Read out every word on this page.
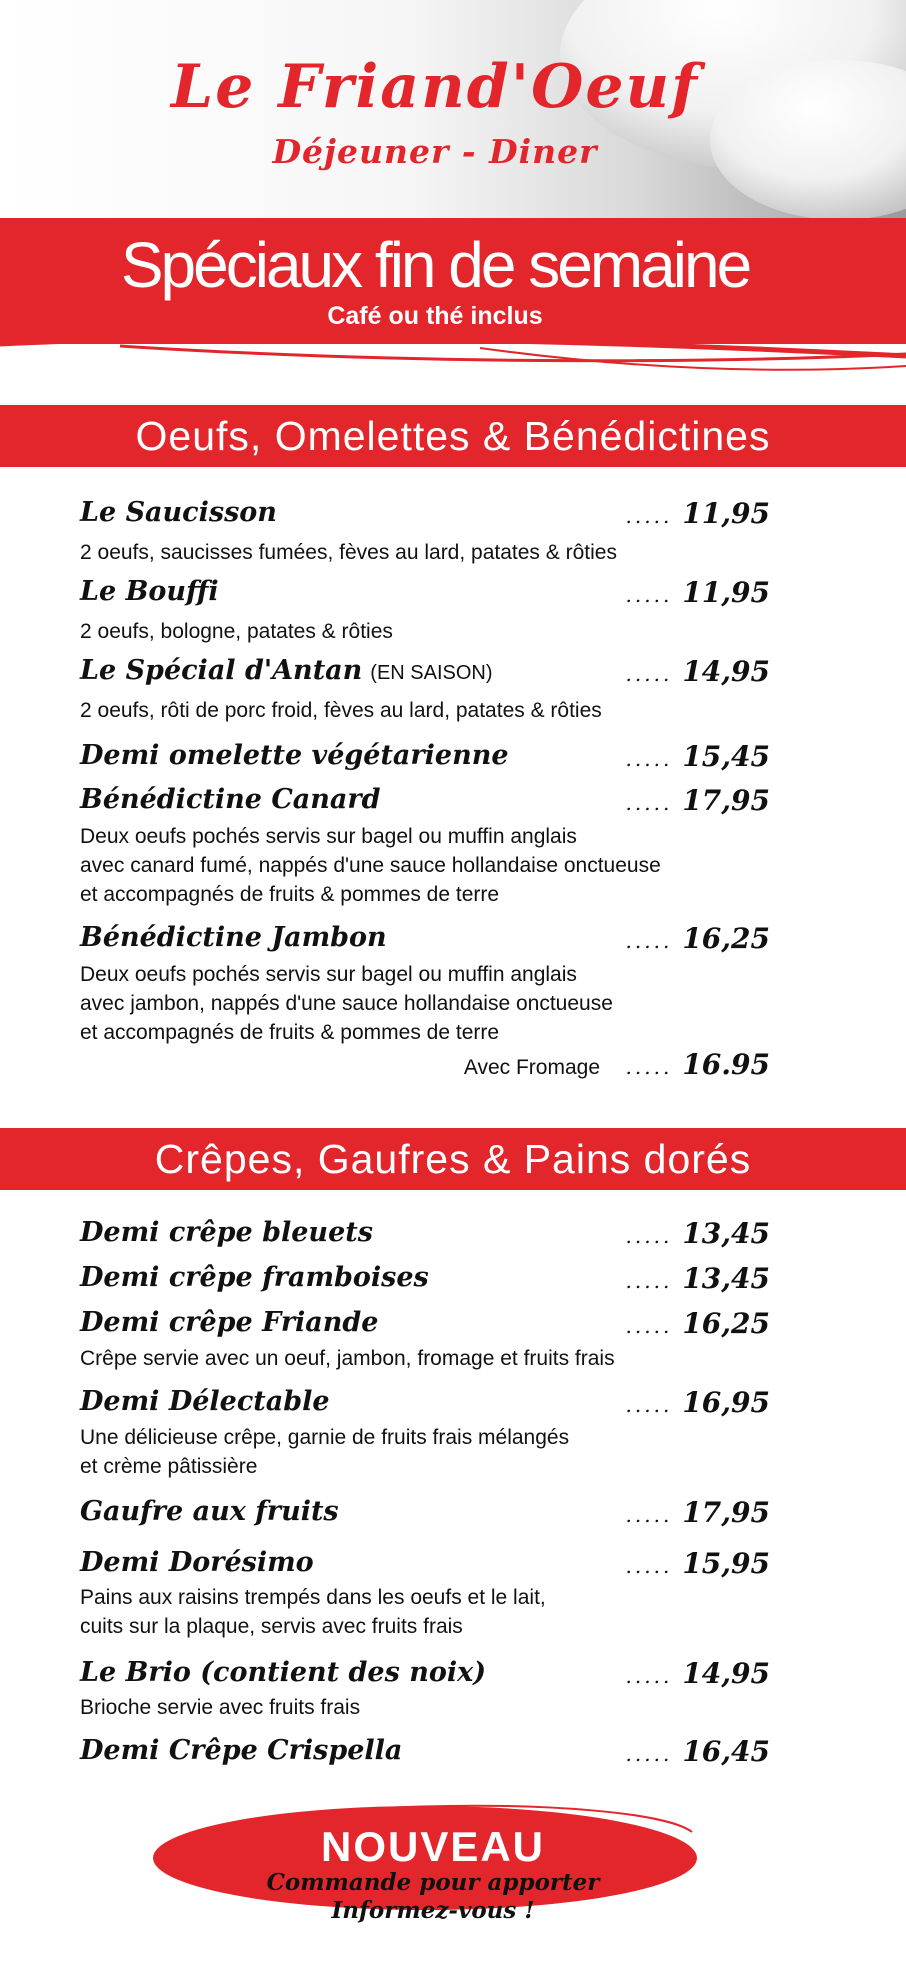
Le Friand'Oeuf
Déjeuner - Diner
Spéciaux fin de semaine
Café ou thé inclus
Oeufs, Omelettes & Bénédictines
Le Saucisson	..... 11,95
2 oeufs, saucisses fumées, fèves au lard, patates & rôties
Le Bouffi	..... 11,95
2 oeufs, bologne, patates & rôties
Le Spécial d'Antan (EN SAISON)	..... 14,95
2 oeufs, rôti de porc froid, fèves au lard, patates & rôties
Demi omelette végétarienne	..... 15,45
Bénédictine Canard	..... 17,95
Deux oeufs pochés servis sur bagel ou muffin anglais
avec canard fumé, nappés d'une sauce hollandaise onctueuse
et accompagnés de fruits & pommes de terre
Bénédictine Jambon	..... 16,25
Deux oeufs pochés servis sur bagel ou muffin anglais
avec jambon, nappés d'une sauce hollandaise onctueuse
et accompagnés de fruits & pommes de terre
Avec Fromage	..... 16.95
Crêpes, Gaufres & Pains dorés
Demi crêpe bleuets	..... 13,45
Demi crêpe framboises	..... 13,45
Demi crêpe Friande	..... 16,25
Crêpe servie avec un oeuf, jambon, fromage et fruits frais
Demi Délectable	..... 16,95
Une délicieuse crêpe, garnie de fruits frais mélangés
et crème pâtissière
Gaufre aux fruits	..... 17,95
Demi Dorésimo	..... 15,95
Pains aux raisins trempés dans les oeufs et le lait,
cuits sur la plaque, servis avec fruits frais
Le Brio (contient des noix)	..... 14,95
Brioche servie avec fruits frais
Demi Crêpe Crispella	..... 16,45
NOUVEAU
Commande pour apporter
Informez-vous !
